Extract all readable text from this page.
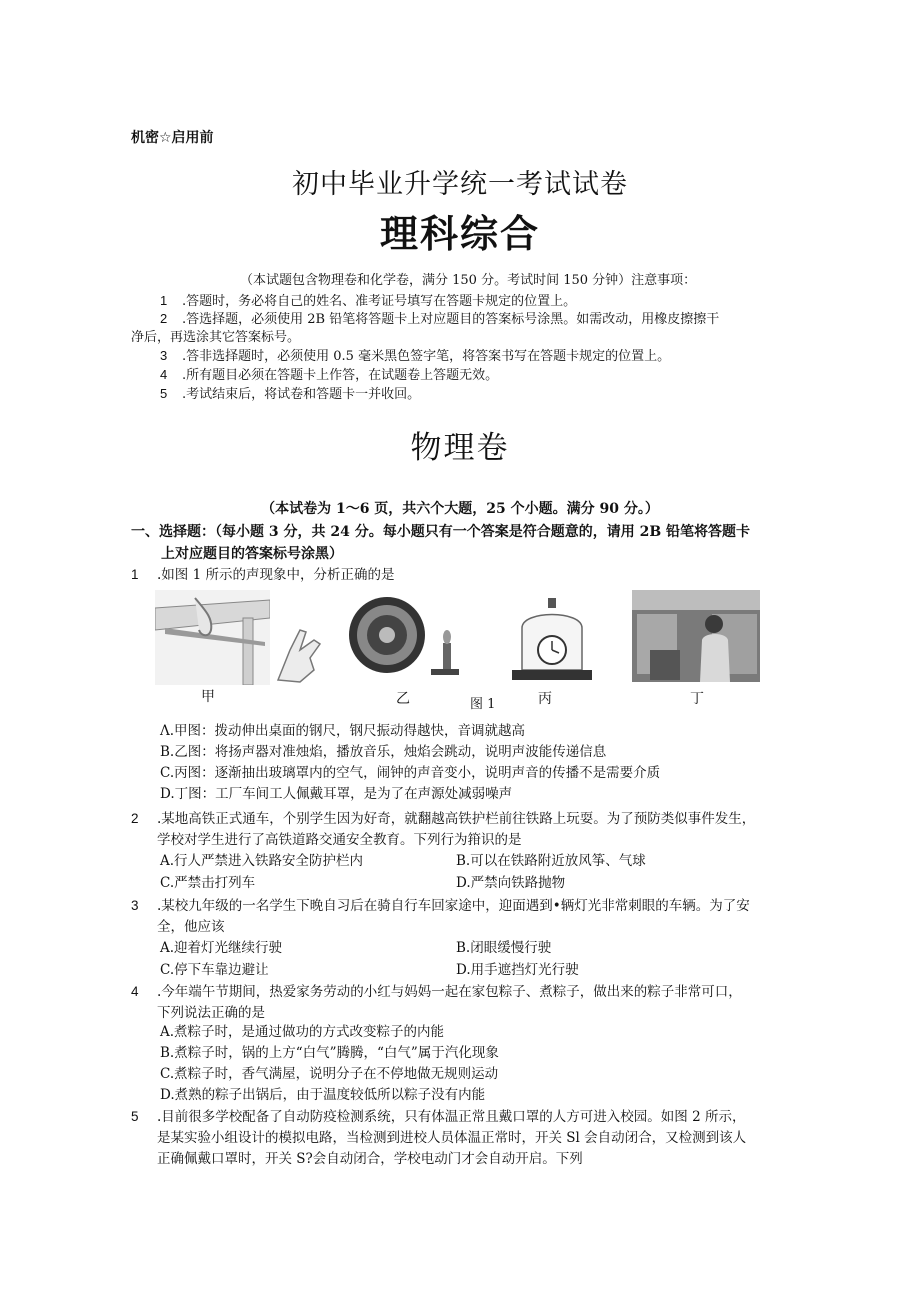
机密☆启用前
初中毕业升学统一考试试卷
理科综合
（本试题包含物理卷和化学卷，满分 150 分。考试时间 150 分钟）注意事项：
1 .答题时，务必将自己的姓名、准考证号填写在答题卡规定的位置上。
2 .答选择题，必须使用 2B 铅笔将答题卡上对应题目的答案标号涂黑。如需改动，用橡皮擦擦干
净后，再选涂其它答案标号。
3 .答非选择题时，必须使用 0.5 毫米黑色签字笔，将答案书写在答题卡规定的位置上。
4 .所有题目必须在答题卡上作答，在试题卷上答题无效。
5 .考试结束后，将试卷和答题卡一并收回。
物理卷
（本试卷为 1～6 页，共六个大题，25 个小题。满分 90 分。）
一、选择题：（每小题 3 分，共 24 分。每小题只有一个答案是符合题意的，请用 2B 铅笔将答题卡
上对应题目的答案标号涂黑）
1 .如图 1 所示的声现象中，分析正确的是
甲	乙	丙	丁
图 1
Λ.甲图：拨动伸出桌面的钢尺，钢尺振动得越快，音调就越高
B.乙图：将扬声器对准烛焰，播放音乐，烛焰会跳动，说明声波能传递信息
C.丙图：逐渐抽出玻璃罩内的空气，闹钟的声音变小，说明声音的传播不是需要介质
D.丁图：工厂车间工人佩戴耳罩，是为了在声源处减弱噪声
2 .某地高铁正式通车，个别学生因为好奇，就翻越高铁护栏前往铁路上玩耍。为了预防类似事件发生，
学校对学生进行了高铁道路交通安全教育。下列行为箝识的是
A.行人严禁进入铁路安全防护栏内	B.可以在铁路附近放风筝、气球
C.严禁击打列车	D.严禁向铁路抛物
3 .某校九年级的一名学生下晚自习后在骑自行车回家途中，迎面遇到•辆灯光非常刺眼的车辆。为了安
全，他应该
A.迎着灯光继续行驶	B.闭眼缓慢行驶
C.停下车靠边避让	D.用手遮挡灯光行驶
4 .今年端午节期间，热爱家务劳动的小红与妈妈一起在家包粽子、煮粽子，做出来的粽子非常可口，
下列说法正确的是
A.煮粽子时，是通过做功的方式改变粽子的内能
B.煮粽子时，锅的上方“白气”腾腾，“白气”属于汽化现象
C.煮粽子时，香气满屋，说明分子在不停地做无规则运动
D.煮熟的粽子出锅后，由于温度较低所以粽子没有内能
5 .目前很多学校配备了自动防疫检测系统，只有体温正常且戴口罩的人方可进入校园。如图 2 所示，
是某实验小组设计的模拟电路，当检测到进校人员体温正常时，开关 Sl 会自动闭合，又检测到该人
正确佩戴口罩时，开关 S?会自动闭合，学校电动门才会自动开启。下列
